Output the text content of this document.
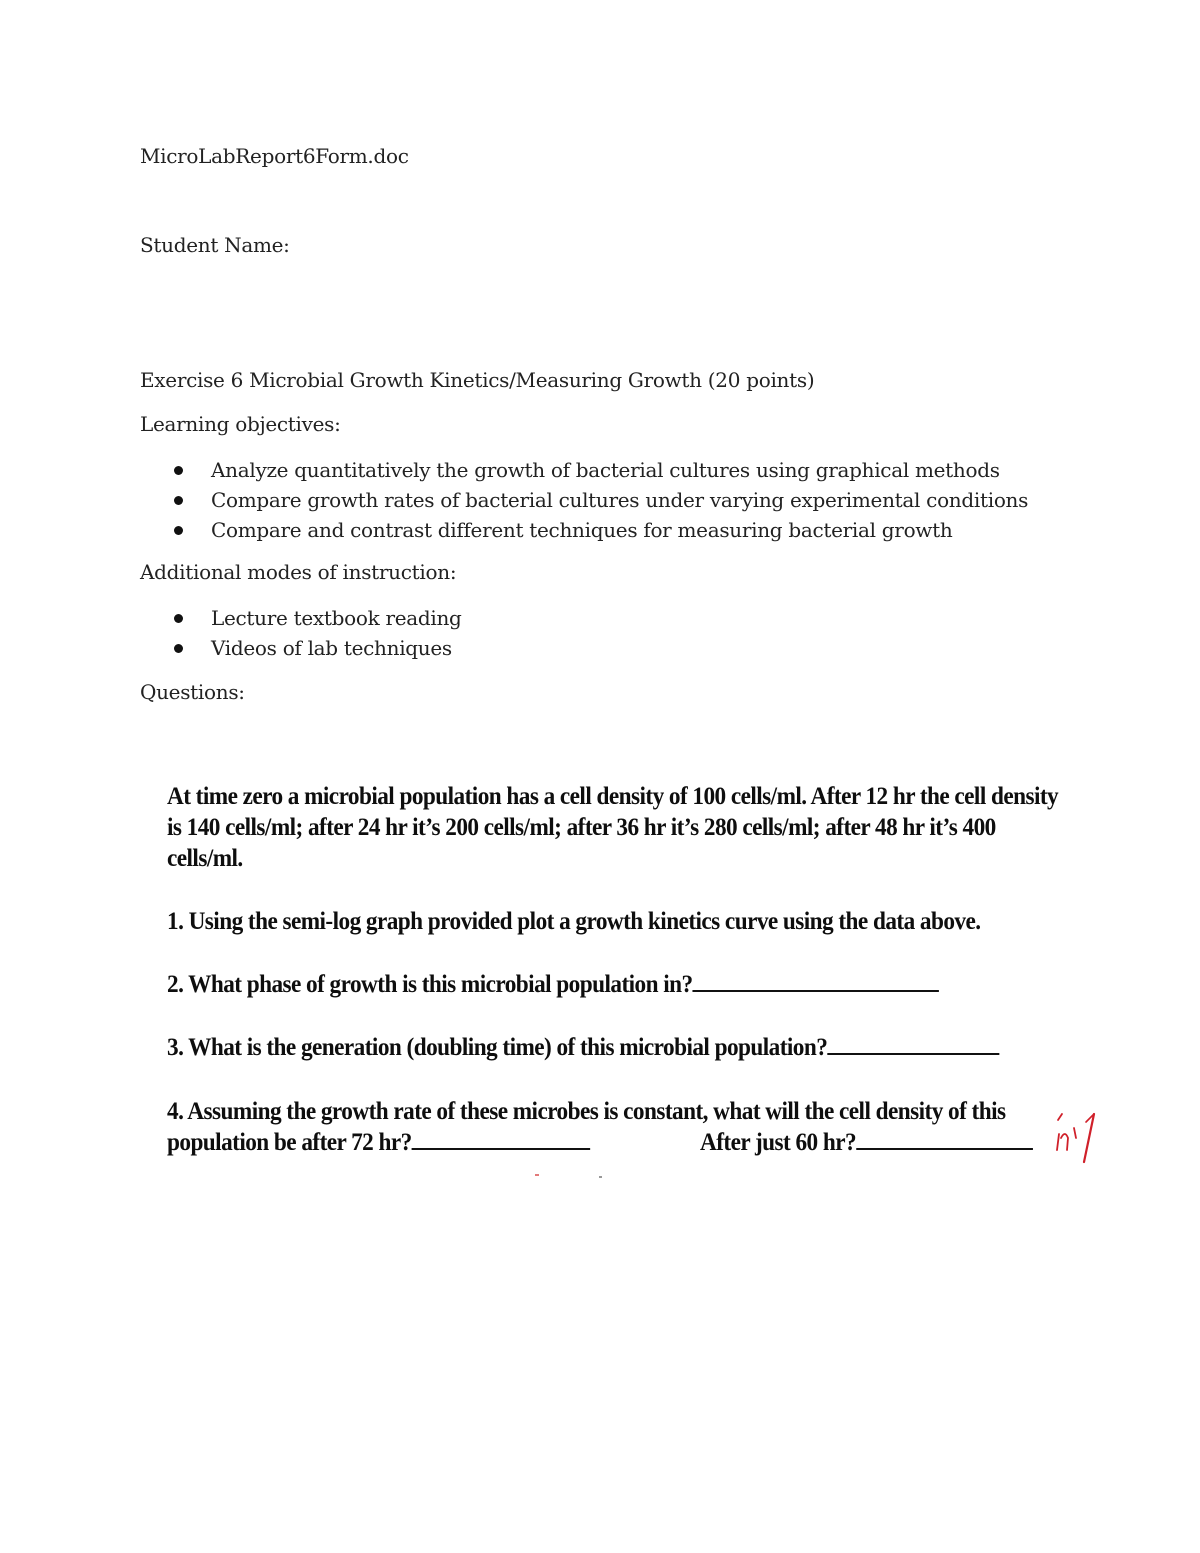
MicroLabReport6Form.doc
Student Name:
Exercise 6 Microbial Growth Kinetics/Measuring Growth (20 points)
Learning objectives:
Analyze quantitatively the growth of bacterial cultures using graphical methods
Compare growth rates of bacterial cultures under varying experimental conditions
Compare and contrast different techniques for measuring bacterial growth
Additional modes of instruction:
Lecture textbook reading
Videos of lab techniques
Questions:
At time zero a microbial population has a cell density of 100 cells/ml. After 12 hr the cell density
is 140 cells/ml; after 24 hr it’s 200 cells/ml; after 36 hr it’s 280 cells/ml; after 48 hr it’s 400
cells/ml.
1. Using the semi-log graph provided plot a growth kinetics curve using the data above.
2. What phase of growth is this microbial population in?
3. What is the generation (doubling time) of this microbial population?
4. Assuming the growth rate of these microbes is constant, what will the cell density of this
population be after 72 hr?	After just 60 hr?
